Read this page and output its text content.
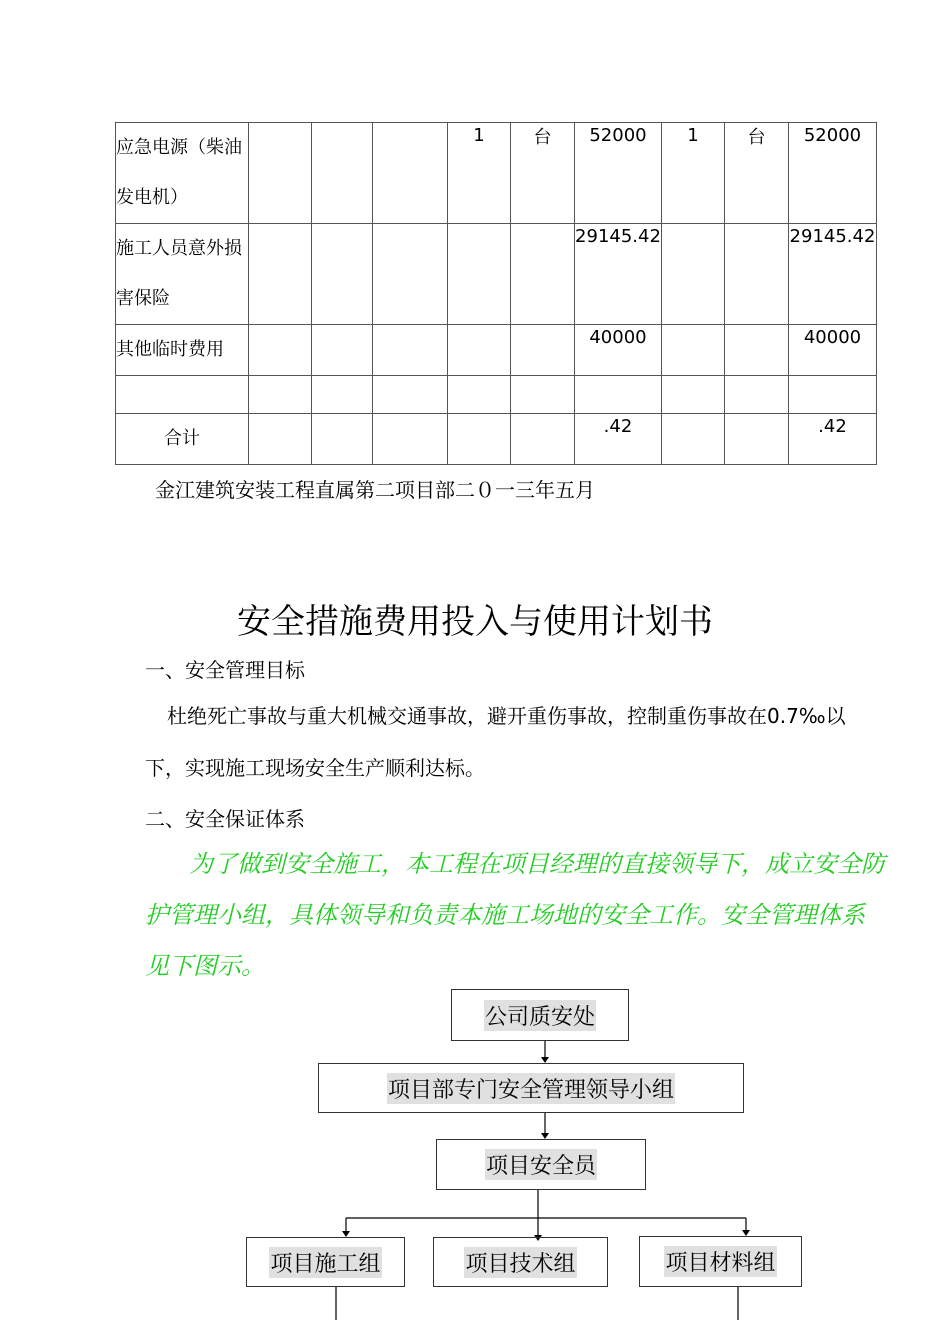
应急电源（柴油发电机）				1	台	52000	1	台	52000
施工人员意外损害保险						29145.42			29145.42
其他临时费用						40000			40000

合计						.42			.42
金江建筑安装工程直属第二项目部二０一三年五月
安全措施费用投入与使用计划书
一、安全管理目标
杜绝死亡事故与重大机械交通事故，避开重伤事故，控制重伤事故在0.7‰以下，实现施工现场安全生产顺利达标。
二、安全保证体系
为了做到安全施工，本工程在项目经理的直接领导下，成立安全防护管理小组，具体领导和负责本施工场地的安全工作。安全管理体系见下图示。
公司质安处
项目部专门安全管理领导小组
项目安全员
项目施工组	项目技术组	项目材料组
